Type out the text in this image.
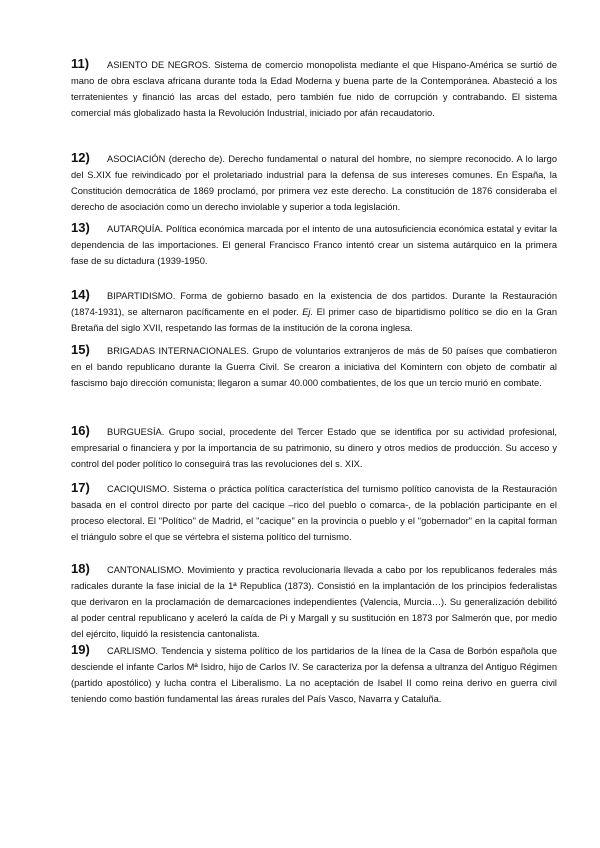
11) ASIENTO DE NEGROS. Sistema de comercio monopolista mediante el que Hispano-América se surtió de mano de obra esclava africana durante toda la Edad Moderna y buena parte de la Contemporánea. Abasteció a los terratenientes y financió las arcas del estado, pero también fue nido de corrupción y contrabando. El sistema comercial más globalizado hasta la Revolución Industrial, iniciado por afán recaudatorio.

12) ASOCIACIÓN (derecho de). Derecho fundamental o natural del hombre, no siempre reconocido. A lo largo del S.XIX fue reivindicado por el proletariado industrial para la defensa de sus intereses comunes. En España, la Constitución democrática de 1869 proclamó, por primera vez este derecho. La constitución de 1876 consideraba el derecho de asociación como un derecho inviolable y superior a toda legislación.

13) AUTARQUÍA. Política económica marcada por el intento de una autosuficiencia económica estatal y evitar la dependencia de las importaciones. El general Francisco Franco intentó crear un sistema autárquico en la primera fase de su dictadura (1939-1950.

14) BIPARTIDISMO. Forma de gobierno basado en la existencia de dos partidos. Durante la Restauración (1874-1931), se alternaron pacíficamente en el poder. Ej. El primer caso de bipartidismo político se dio en la Gran Bretaña del siglo XVII, respetando las formas de la institución de la corona inglesa.

15) BRIGADAS INTERNACIONALES. Grupo de voluntarios extranjeros de más de 50 países que combatieron en el bando republicano durante la Guerra Civil. Se crearon a iniciativa del Komintern con objeto de combatir al fascismo bajo dirección comunista; llegaron a sumar 40.000 combatientes, de los que un tercio murió en combate.

16) BURGUESÍA. Grupo social, procedente del Tercer Estado que se identifica por su actividad profesional, empresarial o financiera y por la importancia de su patrimonio, su dinero y otros medios de producción. Su acceso y control del poder político lo conseguirá tras las revoluciones del s. XIX.

17) CACIQUISMO. Sistema o práctica política característica del turnismo político canovista de la Restauración basada en el control directo por parte del cacique –rico del pueblo o comarca-, de la población participante en el proceso electoral. El "Político" de Madrid, el "cacique" en la provincia o pueblo y el "gobernador" en la capital forman el triángulo sobre el que se vértebra el sistema político del turnismo.

18) CANTONALISMO. Movimiento y practica revolucionaria llevada a cabo por los republicanos federales más radicales durante la fase inicial de la 1ª Republica (1873). Consistió en la implantación de los principios federalistas que derivaron en la proclamación de demarcaciones independientes (Valencia, Murcia…). Su generalización debilitó al poder central republicano y aceleró la caída de Pi y Margall y su sustitución en 1873 por Salmerón que, por medio del ejército, liquidó la resistencia cantonalista.

19) CARLISMO. Tendencia y sistema político de los partidarios de la línea de la Casa de Borbón española que desciende el infante Carlos Mª Isidro, hijo de Carlos IV. Se caracteriza por la defensa a ultranza del Antiguo Régimen (partido apostólico) y lucha contra el Liberalismo. La no aceptación de Isabel II como reina derivo en guerra civil teniendo como bastión fundamental las áreas rurales del País Vasco, Navarra y Cataluña.
